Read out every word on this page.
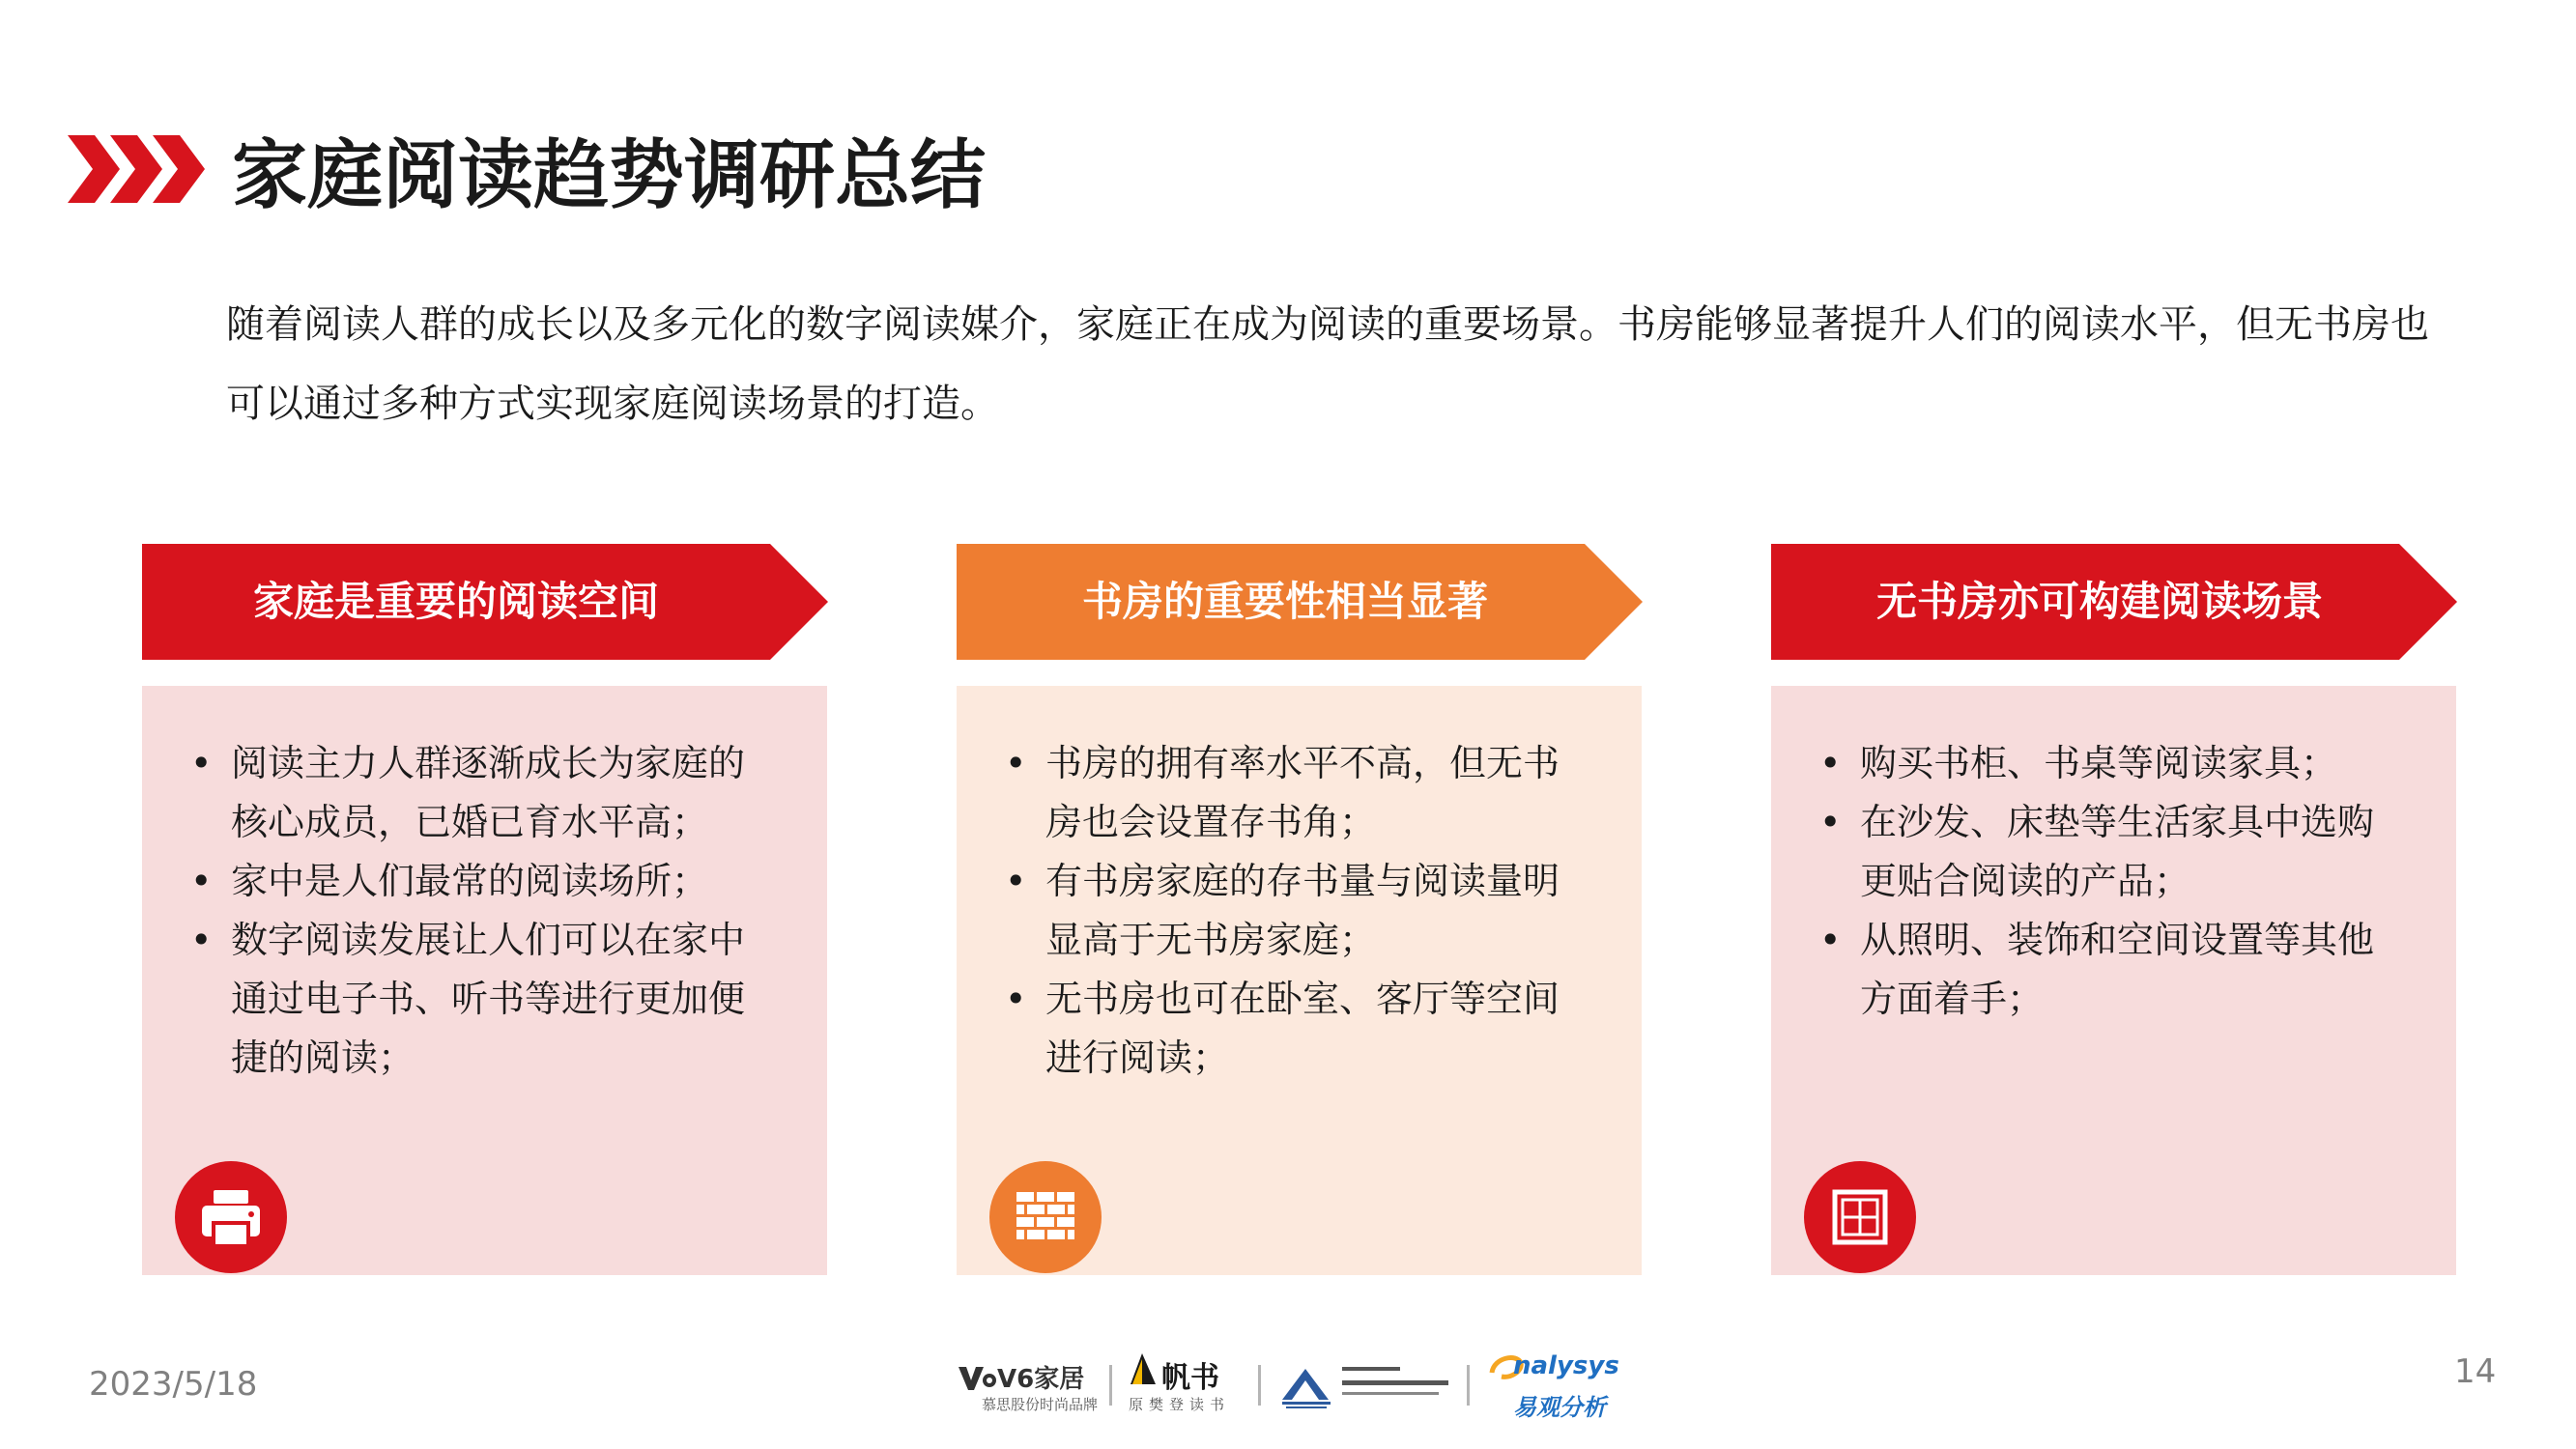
家庭阅读趋势调研总结
随着阅读人群的成长以及多元化的数字阅读媒介，家庭正在成为阅读的重要场景。书房能够显著提升人们的阅读水平，但无书房也可以通过多种方式实现家庭阅读场景的打造。
家庭是重要的阅读空间
• 阅读主力人群逐渐成长为家庭的核心成员，已婚已育水平高；
• 家中是人们最常的阅读场所；
• 数字阅读发展让人们可以在家中通过电子书、听书等进行更加便捷的阅读；
书房的重要性相当显著
• 书房的拥有率水平不高，但无书房也会设置存书角；
• 有书房家庭的存书量与阅读量明显高于无书房家庭；
• 无书房也可在卧室、客厅等空间进行阅读；
无书房亦可构建阅读场景
• 购买书柜、书桌等阅读家具；
• 在沙发、床垫等生活家具中选购更贴合阅读的产品；
• 从照明、装饰和空间设置等其他方面着手；
2023/5/18	14
V6家居
慕思股份时尚品牌
帆书
原樊登读书
nalysys
易观分析
